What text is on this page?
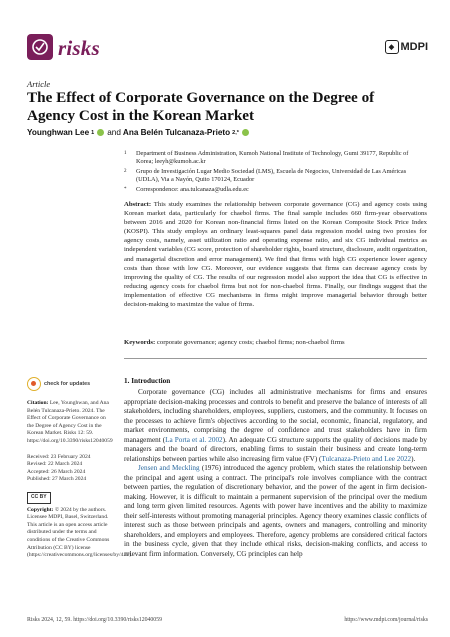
risks	◆ MDPI
Article
The Effect of Corporate Governance on the Degree of Agency Cost in the Korean Market
Younghwan Lee 1 and Ana Belén Tulcanaza-Prieto 2,*
1	Department of Business Administration, Kumoh National Institute of Technology, Gumi 39177, Republic of Korea; leeyh@kumoh.ac.kr
2	Grupo de Investigación Lugar Medio Sociedad (LMS), Escuela de Negocios, Universidad de Las Américas (UDLA), Via a Nayón, Quito 170124, Ecuador
*	Correspondence: ana.tulcanaza@udla.edu.ec
Abstract: This study examines the relationship between corporate governance (CG) and agency costs using Korean market data, particularly for chaebol firms. The final sample includes 660 firm-year observations between 2016 and 2020 for Korean non-financial firms listed on the Korean Composite Stock Price Index (KOSPI). This study employs an ordinary least-squares panel data regression model using two proxies for agency costs, namely, asset utilization ratio and operating expense ratio, and six CG individual metrics as independent variables (CG score, protection of shareholder rights, board structure, disclosure, audit organization, and managerial discretion and error management). We find that firms with high CG experience lower agency costs than those with low CG. Moreover, our evidence suggests that firms can decrease agency costs by improving the quality of CG. The results of our regression model also support the idea that CG is effective in reducing agency costs for chaebol firms but not for non-chaebol firms. Finally, our findings suggest that the implementation of effective CG mechanisms in firms might improve managerial behavior through better decision-making to maximize the value of firms.
Keywords: corporate governance; agency costs; chaebol firms; non-chaebol firms
check for updates
Citation: Lee, Younghwan, and Ana Belén Tulcanaza-Prieto. 2024. The Effect of Corporate Governance on the Degree of Agency Cost in the Korean Market. Risks 12: 59. https://doi.org/10.3390/risks12040059
Received: 23 February 2024
Revised: 22 March 2024
Accepted: 26 March 2024
Published: 27 March 2024
CC BY
Copyright: © 2024 by the authors. Licensee MDPI, Basel, Switzerland. This article is an open access article distributed under the terms and conditions of the Creative Commons Attribution (CC BY) license (https://creativecommons.org/licenses/by/4.0/).
1. Introduction

Corporate governance (CG) includes all administrative mechanisms for firms and ensures appropriate decision-making processes and controls to benefit and preserve the balance of interests of all stakeholders, including shareholders, employees, suppliers, customers, and the community. It focuses on the processes to achieve firm's objectives according to the social, economic, financial, regulatory, and market environments, comprising the degree of confidence and trust stakeholders have in firm management (La Porta et al. 2002). An adequate CG structure supports the quality of decisions made by managers and the board of directors, enabling firms to sustain their business and create long-term relationships between parties while also increasing firm value (FV) (Tulcanaza-Prieto and Lee 2022).

Jensen and Meckling (1976) introduced the agency problem, which states the relationship between the principal and agent using a contract. The principal's role involves compliance with the contract between parties, the regulation of discretionary behavior, and the power of the agent in firm decision-making. However, it is difficult to maintain a permanent supervision of the principal over the medium and long term given limited resources. Agents with power have incentives and the ability to maximize their self-interests without promoting managerial principles. Agency theory examines classic conflicts of interest such as those between principals and agents, owners and managers, controlling and minority shareholders, and employers and employees. Therefore, agency problems are considered critical factors in the business cycle, given that they include ethical risks, decision-making conflicts, and access to relevant firm information. Conversely, CG principles can help

Risks 2024, 12, 59. https://doi.org/10.3390/risks12040059	https://www.mdpi.com/journal/risks
